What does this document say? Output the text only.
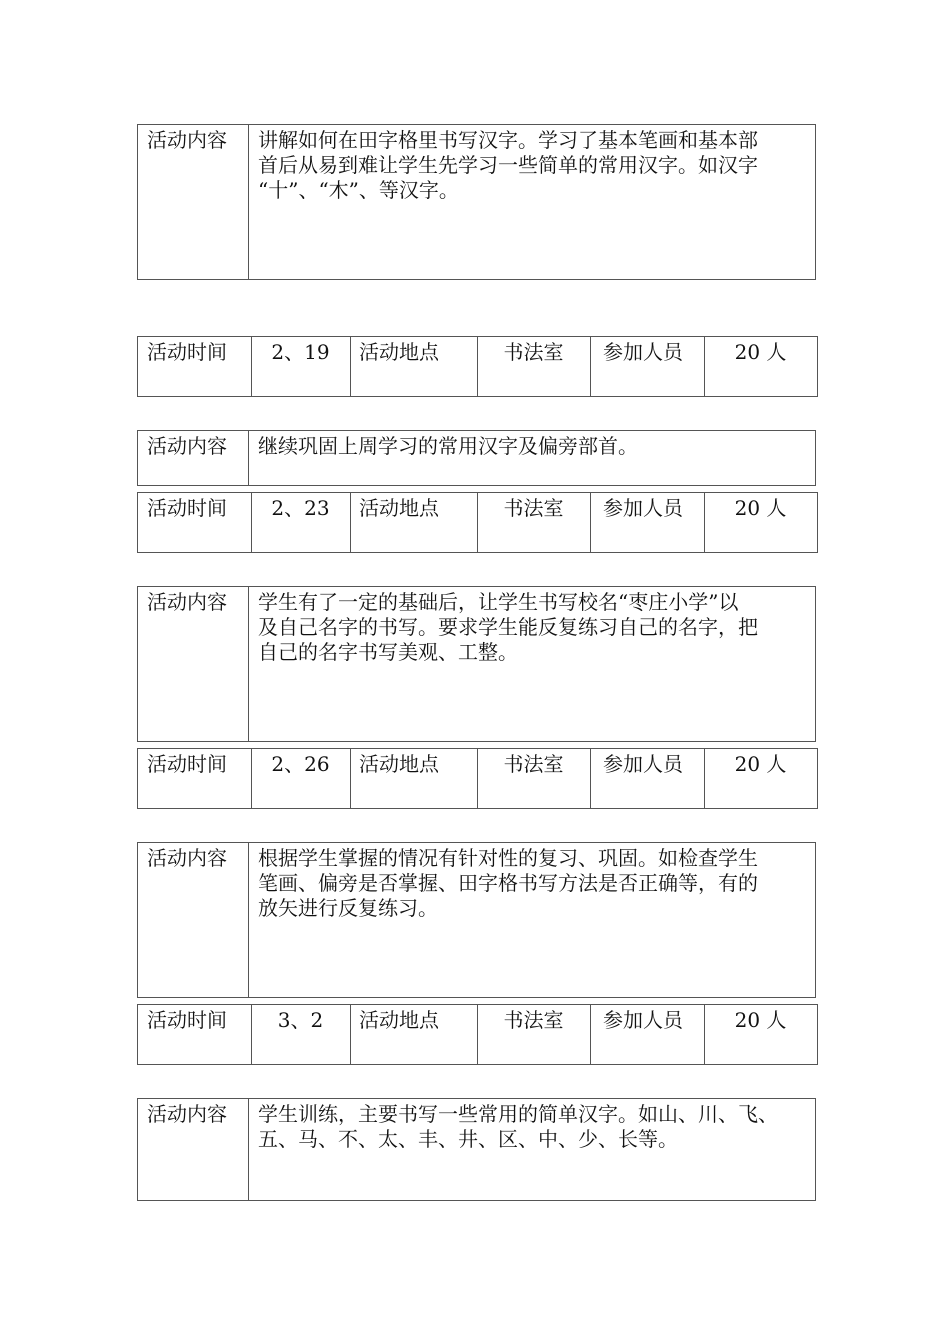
活动内容 讲解如何在田字格里书写汉字。学习了基本笔画和基本部
首后从易到难让学生先学习一些简单的常用汉字。如汉字
“十”、“木”、等汉字。
活动时间	2、19	活动地点	书法室	参加人员	20 人
活动内容 继续巩固上周学习的常用汉字及偏旁部首。
活动时间	2、23	活动地点	书法室	参加人员	20 人
活动内容 学生有了一定的基础后，让学生书写校名“枣庄小学”以
及自己名字的书写。要求学生能反复练习自己的名字，把
自己的名字书写美观、工整。
活动时间	2、26	活动地点	书法室	参加人员	20 人
活动内容 根据学生掌握的情况有针对性的复习、巩固。如检查学生
笔画、偏旁是否掌握、田字格书写方法是否正确等，有的
放矢进行反复练习。
活动时间	3、2	活动地点	书法室	参加人员	20 人
活动内容 学生训练，主要书写一些常用的简单汉字。如山、川、飞、
五、马、不、太、丰、井、区、中、少、长等。
